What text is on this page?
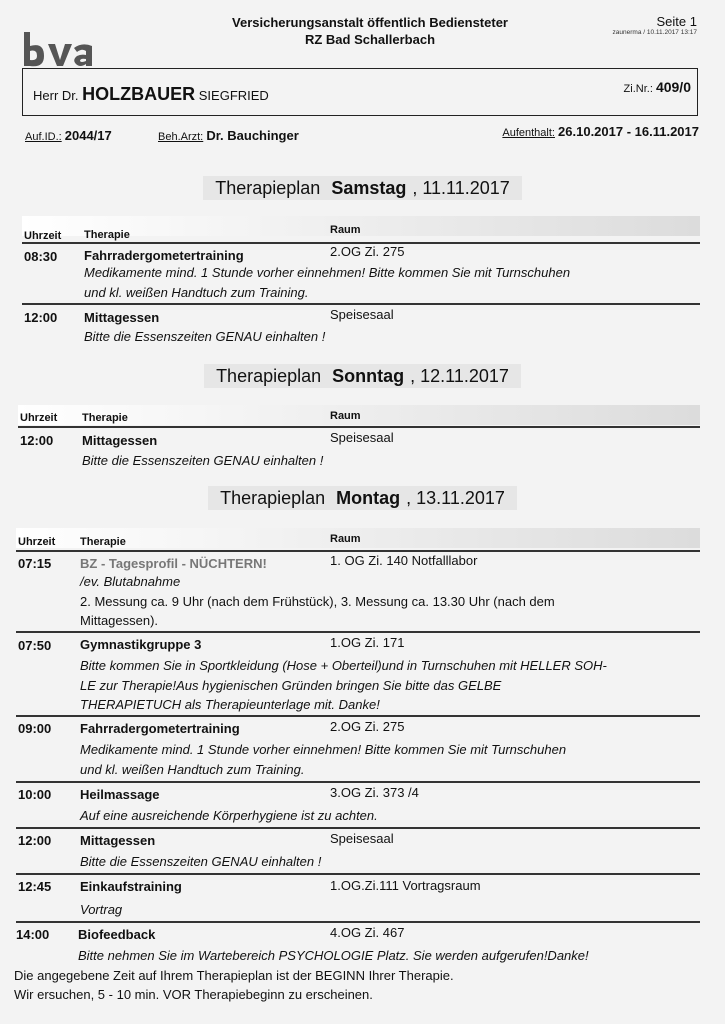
Versicherungsanstalt öffentlich Bediensteter
RZ Bad Schallerbach
Seite 1
zaunerma / 10.11.2017 13:17
Herr Dr. HOLZBAUER SIEGFRIED	Zi.Nr.: 409/0
Auf.ID.: 2044/17	Beh.Arzt: Dr. Bauchinger	Aufenthalt: 26.10.2017 - 16.11.2017
Therapieplan Samstag , 11.11.2017
Uhrzeit Therapie	Raum
08:30 Fahrradergometertraining	2.OG Zi. 275
Medikamente mind. 1 Stunde vorher einnehmen! Bitte kommen Sie mit Turnschuhen
und kl. weißen Handtuch zum Training.
12:00 Mittagessen	Speisesaal
Bitte die Essenszeiten GENAU einhalten !
Therapieplan Sonntag , 12.11.2017
Uhrzeit Therapie	Raum
12:00 Mittagessen	Speisesaal
Bitte die Essenszeiten GENAU einhalten !
Therapieplan Montag , 13.11.2017
Uhrzeit Therapie	Raum
07:15 BZ - Tagesprofil - NÜCHTERN!	1. OG Zi. 140 Notfalllabor
/ev. Blutabnahme
2. Messung ca. 9 Uhr (nach dem Frühstück), 3. Messung ca. 13.30 Uhr (nach dem
Mittagessen).
07:50 Gymnastikgruppe 3	1.OG Zi. 171
Bitte kommen Sie in Sportkleidung (Hose + Oberteil)und in Turnschuhen mit HELLER SOH-
LE zur Therapie!Aus hygienischen Gründen bringen Sie bitte das GELBE
THERAPIETUCH als Therapieunterlage mit. Danke!
09:00 Fahrradergometertraining	2.OG Zi. 275
Medikamente mind. 1 Stunde vorher einnehmen! Bitte kommen Sie mit Turnschuhen
und kl. weißen Handtuch zum Training.
10:00 Heilmassage	3.OG Zi. 373 /4
Auf eine ausreichende Körperhygiene ist zu achten.
12:00 Mittagessen	Speisesaal
Bitte die Essenszeiten GENAU einhalten !
12:45 Einkaufstraining	1.OG.Zi.111 Vortragsraum
Vortrag
14:00 Biofeedback	4.OG Zi. 467
Bitte nehmen Sie im Wartebereich PSYCHOLOGIE Platz. Sie werden aufgerufen!Danke!
Die angegebene Zeit auf Ihrem Therapieplan ist der BEGINN Ihrer Therapie.
Wir ersuchen, 5 - 10 min. VOR Therapiebeginn zu erscheinen.
